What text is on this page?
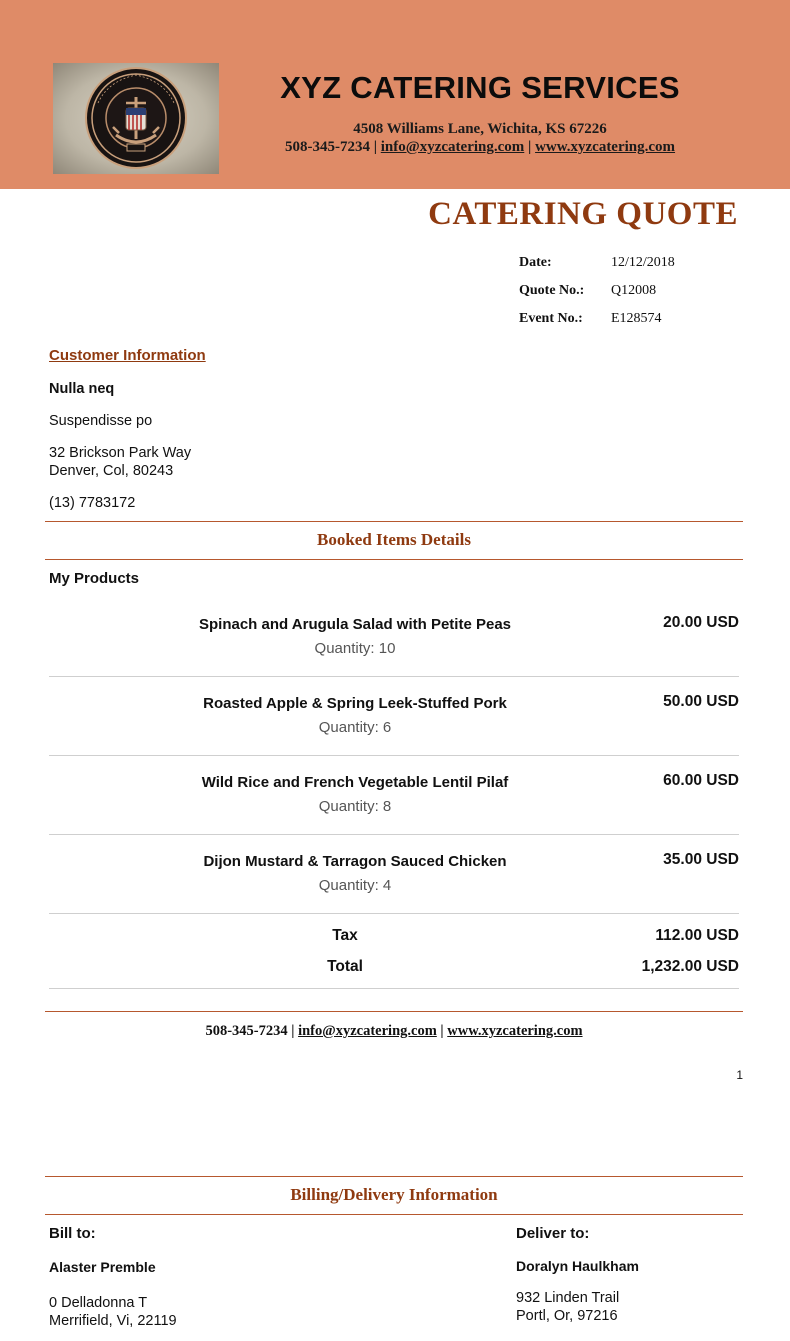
XYZ CATERING SERVICES
4508 Williams Lane, Wichita, KS 67226
508-345-7234 | info@xyzcatering.com | www.xyzcatering.com
CATERING QUOTE
Date:	12/12/2018
Quote No.: Q12008
Event No.: E128574
Customer Information
Nulla neq
Suspendisse po
32 Brickson Park Way
Denver, Col, 80243
(13) 7783172
Booked Items Details
My Products
Spinach and Arugula Salad with Petite Peas
Quantity: 10
20.00 USD
Roasted Apple & Spring Leek-Stuffed Pork
Quantity: 6
50.00 USD
Wild Rice and French Vegetable Lentil Pilaf
Quantity: 8
60.00 USD
Dijon Mustard & Tarragon Sauced Chicken
Quantity: 4
35.00 USD
Tax	112.00 USD
Total	1,232.00 USD
508-345-7234 | info@xyzcatering.com | www.xyzcatering.com
1
Billing/Delivery Information
Bill to:
Alaster Premble
0 Delladonna T
Merrifield, Vi, 22119
Deliver to:
Doralyn Haulkham
932 Linden Trail
Portl, Or, 97216
